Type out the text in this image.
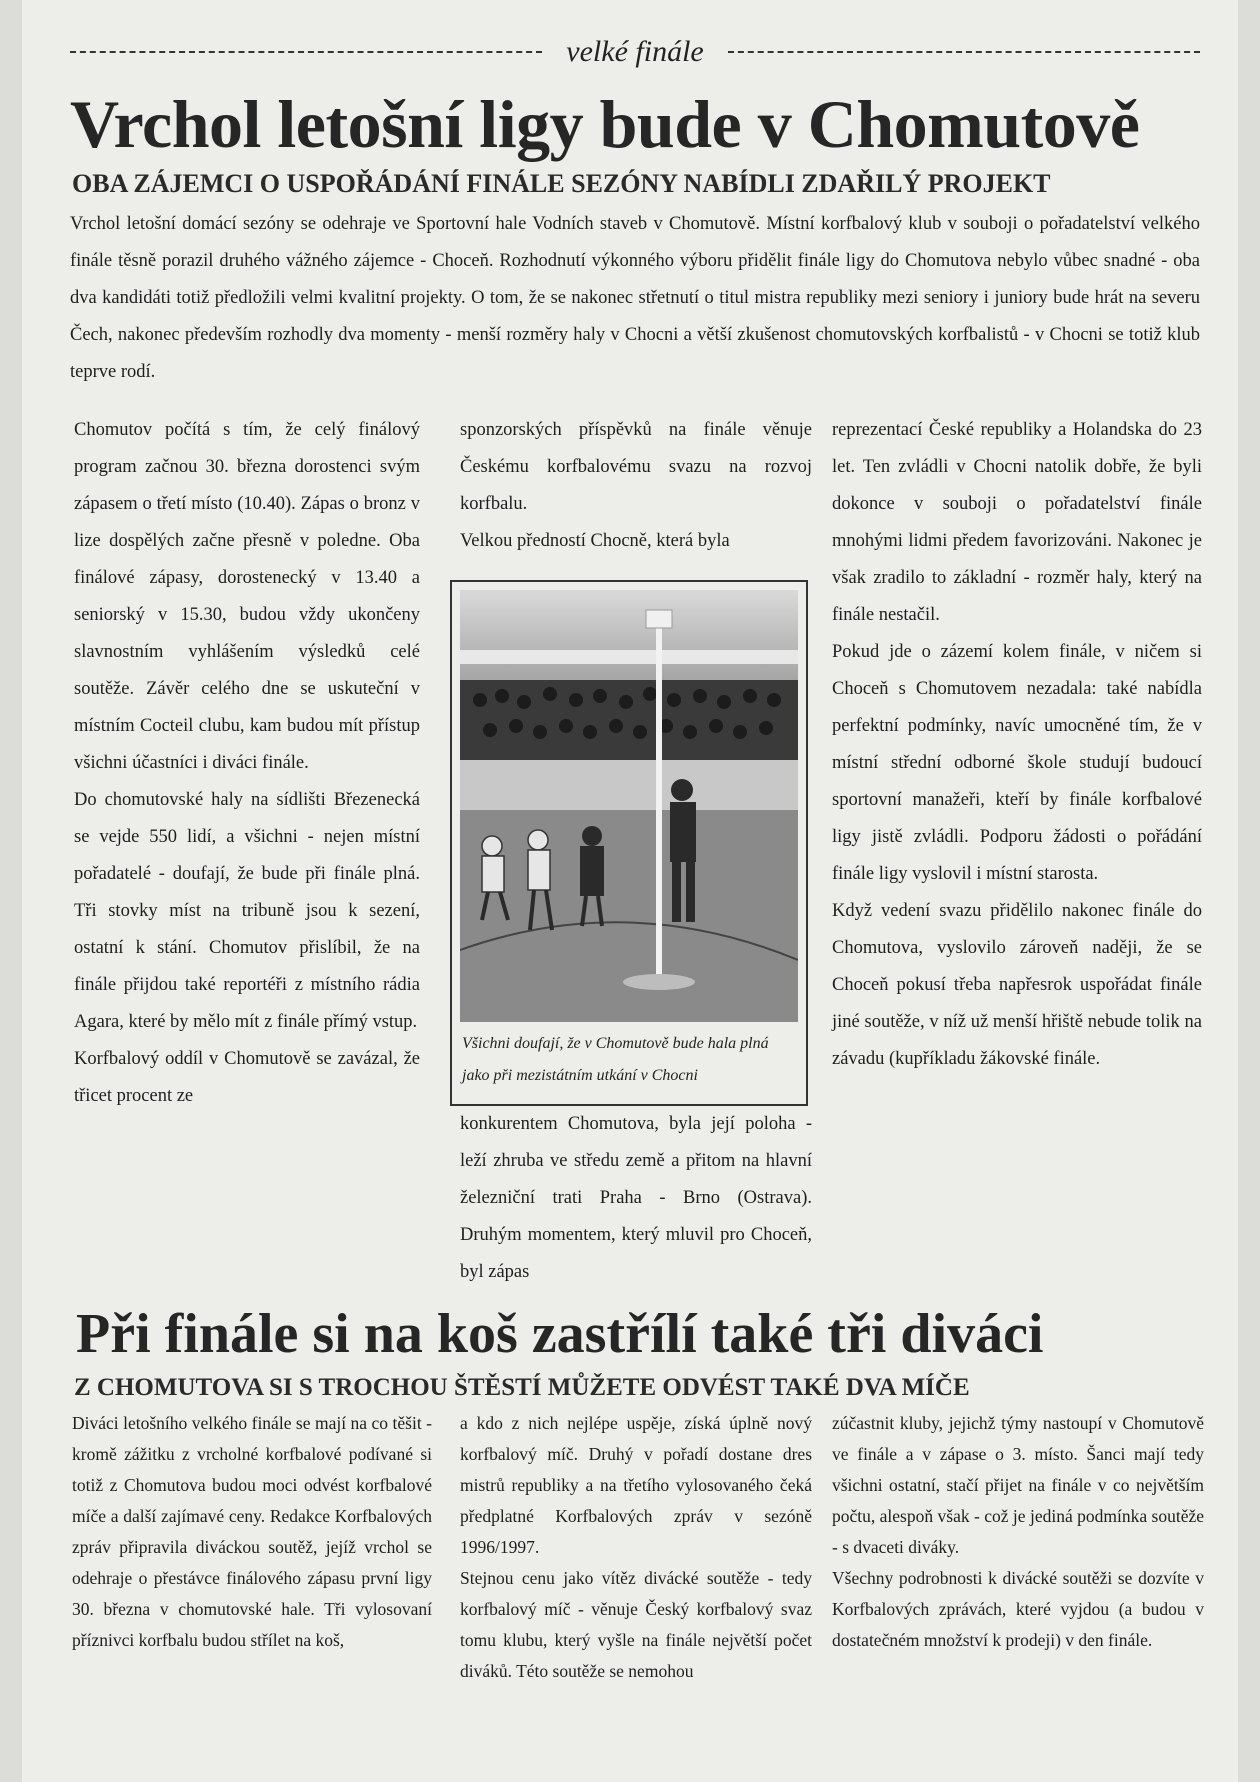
velké finále
Vrchol letošní ligy bude v Chomutově
OBA ZÁJEMCI O USPOŘÁDÁNÍ FINÁLE SEZÓNY NABÍDLI ZDAŘILÝ PROJEKT
Vrchol letošní domácí sezóny se odehraje ve Sportovní hale Vodních staveb v Chomutově. Místní korfbalový klub v souboji o pořadatelství velkého finále těsně porazil druhého vážného zájemce - Choceň. Rozhodnutí výkonného výboru přidělit finále ligy do Chomutova nebylo vůbec snadné - oba dva kandidáti totiž předložili velmi kvalitní projekty. O tom, že se nakonec střetnutí o titul mistra republiky mezi seniory i juniory bude hrát na severu Čech, nakonec především rozhodly dva momenty - menší rozměry haly v Chocni a větší zkušenost chomutovských korfbalistů - v Chocni se totiž klub teprve rodí.

Chomutov počítá s tím, že celý finálový program začnou 30. března dorostenci svým zápasem o třetí místo (10.40). Zápas o bronz v lize dospělých začne přesně v poledne. Oba finálové zápasy, dorostenecký v 13.40 a seniorský v 15.30, budou vždy ukončeny slavnostním vyhlášením výsledků celé soutěže. Závěr celého dne se uskuteční v místním Cocteil clubu, kam budou mít přístup všichni účastníci i diváci finále.

Do chomutovské haly na sídlišti Březenecká se vejde 550 lidí, a všichni - nejen místní pořadatelé - doufají, že bude při finále plná. Tři stovky míst na tribuně jsou k sezení, ostatní k stání. Chomutov přislíbil, že na finále přijdou také reportéři z místního rádia Agara, které by mělo mít z finále přímý vstup.

Korfbalový oddíl v Chomutově se zavázal, že třicet procent ze

sponzorských příspěvků na finále věnuje Českému korfbalovému svazu na rozvoj korfbalu.

Velkou předností Chocně, která byla

Všichni doufají, že v Chomutově bude hala plná jako při mezistátním utkání v Chocni

konkurentem Chomutova, byla její poloha - leží zhruba ve středu země a přitom na hlavní železniční trati Praha - Brno (Ostrava). Druhým momentem, který mluvil pro Choceň, byl zápas

reprezentací České republiky a Holandska do 23 let. Ten zvládli v Chocni natolik dobře, že byli dokonce v souboji o pořadatelství finále mnohými lidmi předem favorizováni. Nakonec je však zradilo to základní - rozměr haly, který na finále nestačil.

Pokud jde o zázemí kolem finále, v ničem si Choceň s Chomutovem nezadala: také nabídla perfektní podmínky, navíc umocněné tím, že v místní střední odborné škole studují budoucí sportovní manažeři, kteří by finále korfbalové ligy jistě zvládli. Podporu žádosti o pořádání finále ligy vyslovil i místní starosta.

Když vedení svazu přidělilo nakonec finále do Chomutova, vyslovilo zároveň naději, že se Choceň pokusí třeba napřesrok uspořádat finále jiné soutěže, v níž už menší hřiště nebude tolik na závadu (kupříkladu žákovské finále.

Při finále si na koš zastřílí také tři diváci
Z CHOMUTOVA SI S TROCHOU ŠTĚSTÍ MŮŽETE ODVÉST TAKÉ DVA MÍČE

Diváci letošního velkého finále se mají na co těšit - kromě zážitku z vrcholné korfbalové podívané si totiž z Chomutova budou moci odvést korfbalové míče a další zajímavé ceny. Redakce Korfbalových zpráv připravila diváckou soutěž, jejíž vrchol se odehraje o přestávce finálového zápasu první ligy 30. března v chomutovské hale. Tři vylosovaní příznivci korfbalu budou střílet na koš,

a kdo z nich nejlépe uspěje, získá úplně nový korfbalový míč. Druhý v pořadí dostane dres mistrů republiky a na třetího vylosovaného čeká předplatné Korfbalových zpráv v sezóně 1996/1997.

Stejnou cenu jako vítěz divácké soutěže - tedy korfbalový míč - věnuje Český korfbalový svaz tomu klubu, který vyšle na finále největší počet diváků. Této soutěže se nemohou

zúčastnit kluby, jejichž týmy nastoupí v Chomutově ve finále a v zápase o 3. místo. Šanci mají tedy všichni ostatní, stačí přijet na finále v co největším počtu, alespoň však - což je jediná podmínka soutěže - s dvaceti diváky.

Všechny podrobnosti k divácké soutěži se dozvíte v Korfbalových zprávách, které vyjdou (a budou v dostatečném množství k prodeji) v den finále.
